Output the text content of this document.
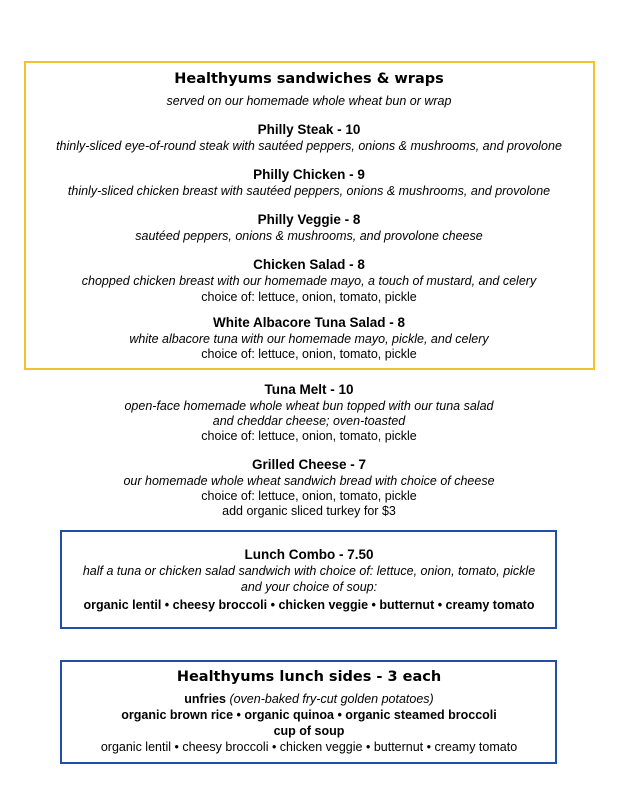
Healthyums sandwiches & wraps
served on our homemade whole wheat bun or wrap
Philly Steak - 10
thinly-sliced eye-of-round steak with sautéed peppers, onions & mushrooms, and provolone
Philly Chicken - 9
thinly-sliced chicken breast with sautéed peppers, onions & mushrooms, and provolone
Philly Veggie - 8
sautéed peppers, onions & mushrooms, and provolone cheese
Chicken Salad - 8
chopped chicken breast with our homemade mayo, a touch of mustard, and celery
choice of: lettuce, onion, tomato, pickle
White Albacore Tuna Salad - 8
white albacore tuna with our homemade mayo, pickle, and celery
choice of: lettuce, onion, tomato, pickle
Tuna Melt - 10
open-face homemade whole wheat bun topped with our tuna salad
and cheddar cheese; oven-toasted
choice of: lettuce, onion, tomato, pickle
Grilled Cheese - 7
our homemade whole wheat sandwich bread with choice of cheese
choice of: lettuce, onion, tomato, pickle
add organic sliced turkey for $3
Lunch Combo - 7.50
half a tuna or chicken salad sandwich with choice of: lettuce, onion, tomato, pickle
and your choice of soup:
organic lentil • cheesy broccoli • chicken veggie • butternut • creamy tomato
Healthyums lunch sides - 3 each
unfries (oven-baked fry-cut golden potatoes)
organic brown rice • organic quinoa • organic steamed broccoli
cup of soup
organic lentil • cheesy broccoli • chicken veggie • butternut • creamy tomato
